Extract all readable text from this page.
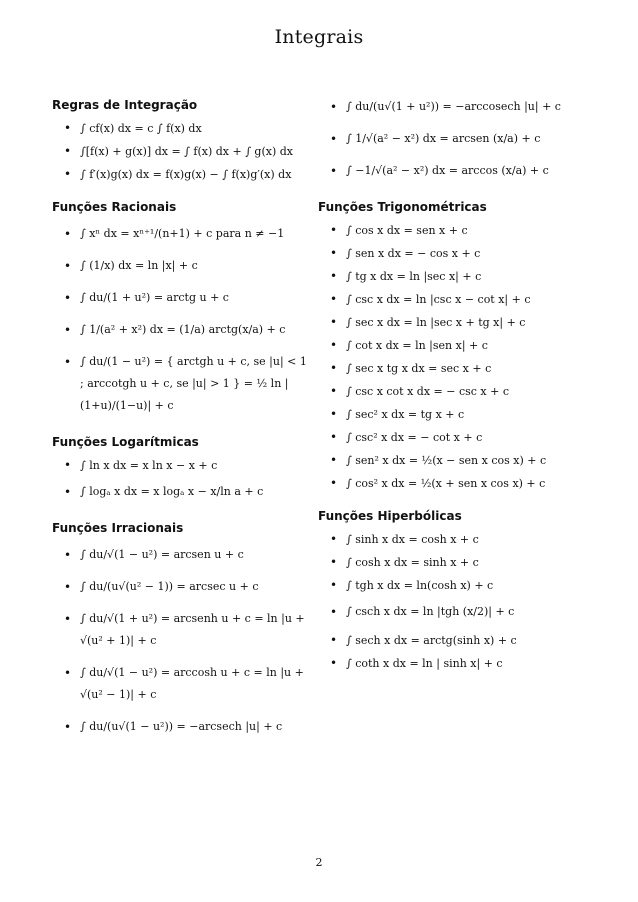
Integrais
Regras de Integração
• ∫ cf(x) dx = c ∫ f(x) dx
• ∫[f(x) + g(x)] dx = ∫ f(x) dx + ∫ g(x) dx
• ∫ f′(x)g(x) dx = f(x)g(x) − ∫ f(x)g′(x) dx
Funções Racionais
• ∫ xⁿ dx = xⁿ⁺¹/(n+1) + c para n ≠ −1
• ∫ (1/x) dx = ln |x| + c
• ∫ du/(1 + u²) = arctg u + c
• ∫ 1/(a² + x²) dx = (1/a) arctg(x/a) + c
• ∫ du/(1 − u²) = { arctgh u + c, se |u| < 1 ; arccotgh u + c, se |u| > 1 } = ½ ln |(1+u)/(1−u)| + c
Funções Logarítmicas
• ∫ ln x dx = x ln x − x + c
• ∫ logₐ x dx = x logₐ x − x/ln a + c
Funções Irracionais
• ∫ du/√(1 − u²) = arcsen u + c
• ∫ du/(u√(u² − 1)) = arcsec u + c
• ∫ du/√(1 + u²) = arcsenh u + c = ln |u + √(u² + 1)| + c
• ∫ du/√(1 − u²) = arccosh u + c = ln |u + √(u² − 1)| + c
• ∫ du/(u√(1 − u²)) = −arcsech |u| + c
• ∫ du/(u√(1 + u²)) = −arccosech |u| + c
• ∫ 1/√(a² − x²) dx = arcsen (x/a) + c
• ∫ −1/√(a² − x²) dx = arccos (x/a) + c
Funções Trigonométricas
• ∫ cos x dx = sen x + c
• ∫ sen x dx = − cos x + c
• ∫ tg x dx = ln |sec x| + c
• ∫ csc x dx = ln |csc x − cot x| + c
• ∫ sec x dx = ln |sec x + tg x| + c
• ∫ cot x dx = ln |sen x| + c
• ∫ sec x tg x dx = sec x + c
• ∫ csc x cot x dx = − csc x + c
• ∫ sec² x dx = tg x + c
• ∫ csc² x dx = − cot x + c
• ∫ sen² x dx = ½(x − sen x cos x) + c
• ∫ cos² x dx = ½(x + sen x cos x) + c
Funções Hiperbólicas
• ∫ sinh x dx = cosh x + c
• ∫ cosh x dx = sinh x + c
• ∫ tgh x dx = ln(cosh x) + c
• ∫ csch x dx = ln |tgh (x/2)| + c
• ∫ sech x dx = arctg(sinh x) + c
• ∫ coth x dx = ln | sinh x| + c
2
